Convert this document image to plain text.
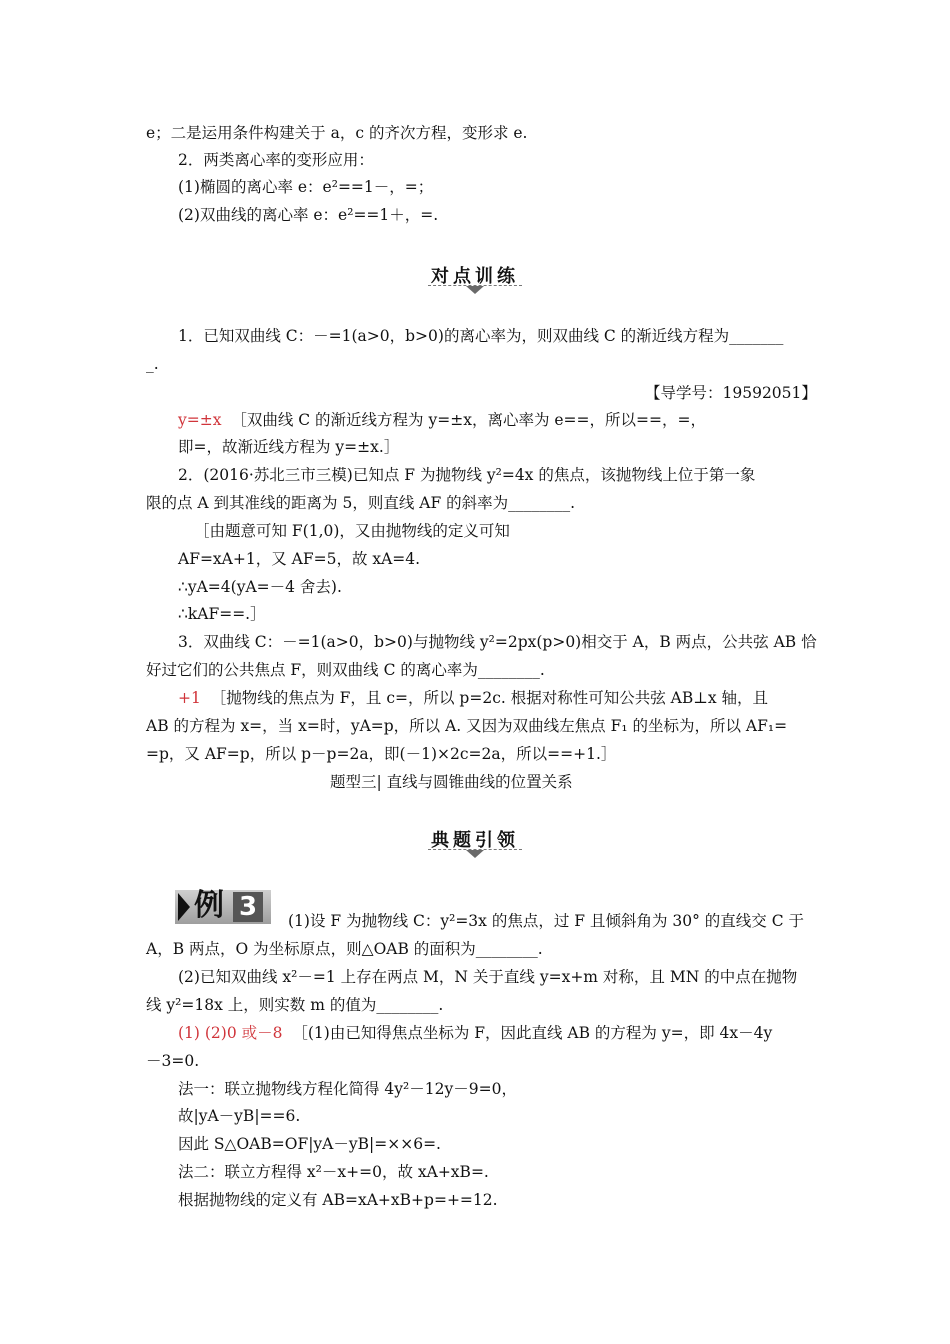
e；二是运用条件构建关于 a，c 的齐次方程，变形求 e.
2．两类离心率的变形应用：
(1)椭圆的离心率 e：e²==1－，=；
(2)双曲线的离心率 e：e²==1＋，=.
对点训练
1．已知双曲线 C：－=1(a>0，b>0)的离心率为，则双曲线 C 的渐近线方程为_______
_.
【导学号：19592051】
y=±x ［双曲线 C 的渐近线方程为 y=±x，离心率为 e==，所以==，=，
即=，故渐近线方程为 y=±x.］
2．(2016·苏北三市三模)已知点 F 为抛物线 y²=4x 的焦点，该抛物线上位于第一象
限的点 A 到其准线的距离为 5，则直线 AF 的斜率为________.
［由题意可知 F(1,0)，又由抛物线的定义可知
AF=xA+1，又 AF=5，故 xA=4.
∴yA=4(yA=－4 舍去).
∴kAF==.］
3．双曲线 C：－=1(a>0，b>0)与抛物线 y²=2px(p>0)相交于 A，B 两点，公共弦 AB 恰
好过它们的公共焦点 F，则双曲线 C 的离心率为________.
+1 ［抛物线的焦点为 F，且 c=，所以 p=2c. 根据对称性可知公共弦 AB⊥x 轴，且
AB 的方程为 x=，当 x=时，yA=p，所以 A. 又因为双曲线左焦点 F₁ 的坐标为，所以 AF₁=
=p，又 AF=p，所以 p－p=2a，即(－1)×2c=2a，所以==+1.］
题型三| 直线与圆锥曲线的位置关系
典题引领
例 3	(1)设 F 为抛物线 C：y²=3x 的焦点，过 F 且倾斜角为 30° 的直线交 C 于
A，B 两点，O 为坐标原点，则△OAB 的面积为________.
(2)已知双曲线 x²－=1 上存在两点 M，N 关于直线 y=x+m 对称，且 MN 的中点在抛物
线 y²=18x 上，则实数 m 的值为________.
(1) (2)0 或－8 ［(1)由已知得焦点坐标为 F，因此直线 AB 的方程为 y=，即 4x－4y
－3=0.
法一：联立抛物线方程化简得 4y²－12y－9=0，
故|yA－yB|==6.
因此 S△OAB=OF|yA－yB|=××6=.
法二：联立方程得 x²－x+=0，故 xA+xB=.
根据抛物线的定义有 AB=xA+xB+p=+=12.
